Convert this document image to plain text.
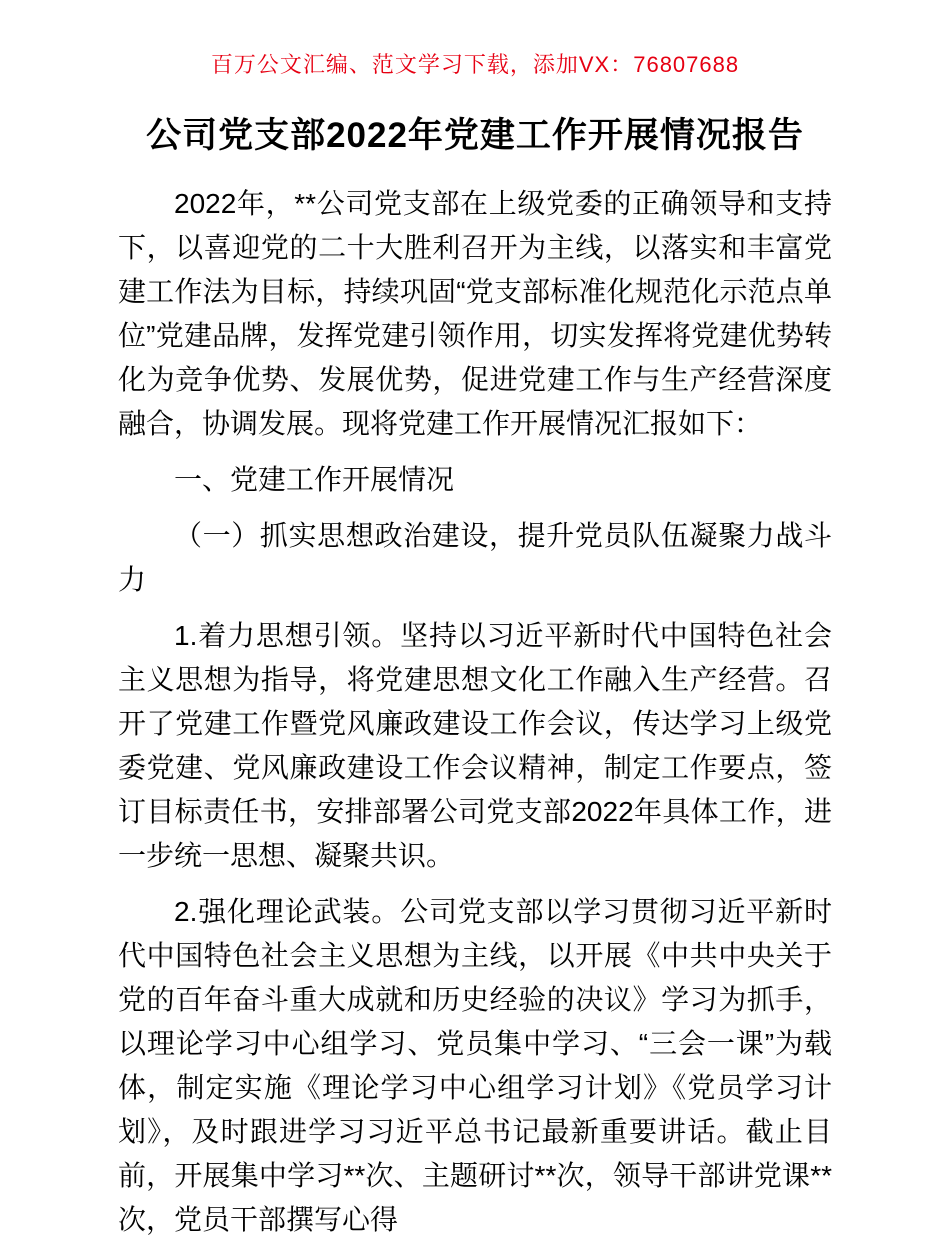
百万公文汇编、范文学习下载，添加VX：76807688
公司党支部2022年党建工作开展情况报告

2022年，**公司党支部在上级党委的正确领导和支持下，以喜迎党的二十大胜利召开为主线，以落实和丰富党建工作法为目标，持续巩固“党支部标准化规范化示范点单位”党建品牌，发挥党建引领作用，切实发挥将党建优势转化为竞争优势、发展优势，促进党建工作与生产经营深度融合，协调发展。现将党建工作开展情况汇报如下：

一、党建工作开展情况

（一）抓实思想政治建设，提升党员队伍凝聚力战斗力

1.着力思想引领。坚持以习近平新时代中国特色社会主义思想为指导，将党建思想文化工作融入生产经营。召开了党建工作暨党风廉政建设工作会议，传达学习上级党委党建、党风廉政建设工作会议精神，制定工作要点，签订目标责任书，安排部署公司党支部2022年具体工作，进一步统一思想、凝聚共识。

2.强化理论武装。公司党支部以学习贯彻习近平新时代中国特色社会主义思想为主线，以开展《中共中央关于党的百年奋斗重大成就和历史经验的决议》学习为抓手，以理论学习中心组学习、党员集中学习、“三会一课”为载体，制定实施《理论学习中心组学习计划》《党员学习计划》，及时跟进学习习近平总书记最新重要讲话。截止目前，开展集中学习**次、主题研讨**次，领导干部讲党课**次，党员干部撰写心得
